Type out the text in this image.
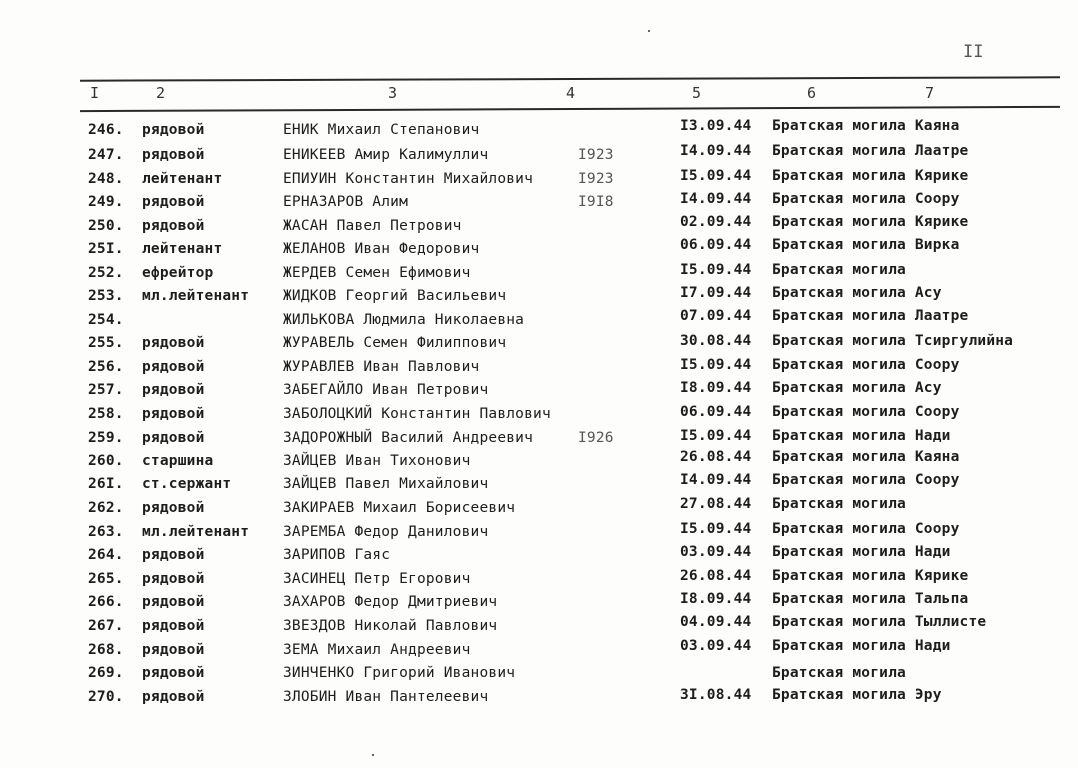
II
I	2	3	4	5	6	7
246. рядовой	ЕНИК Михаил Степанович	I3.09.44 Братская могила Каяна
247. рядовой	ЕНИКЕЕВ Амир Калимуллич	I923	I4.09.44 Братская могила Лаатре
248. лейтенант	ЕПИУИН Константин Михайлович	I923	I5.09.44 Братская могила Кярике
249. рядовой	ЕРНАЗАРОВ Алим	I9I8	I4.09.44 Братская могила Соору
250. рядовой	ЖАСАН Павел Петрович	02.09.44 Братская могила Кярике
25I. лейтенант	ЖЕЛАНОВ Иван Федорович	06.09.44 Братская могила Вирка
252. ефрейтор	ЖЕРДЕВ Семен Ефимович	I5.09.44 Братская могила
253. мл.лейтенант ЖИДКОВ Георгий Васильевич	I7.09.44 Братская могила Асу
254.	ЖИЛЬКОВА Людмила Николаевна	07.09.44 Братская могила Лаатре
255. рядовой	ЖУРАВЕЛЬ Семен Филиппович	30.08.44 Братская могила Тсиргулийна
256. рядовой	ЖУРАВЛЕВ Иван Павлович	I5.09.44 Братская могила Соору
257. рядовой	ЗАБЕГАЙЛО Иван Петрович	I8.09.44 Братская могила Асу
258. рядовой	ЗАБОЛОЦКИЙ Константин Павлович	06.09.44 Братская могила Соору
259. рядовой	ЗАДОРОЖНЫЙ Василий Андреевич	I926	I5.09.44 Братская могила Нади
260. старшина	ЗАЙЦЕВ Иван Тихонович	26.08.44 Братская могила Каяна
26I. ст.сержант	ЗАЙЦЕВ Павел Михайлович	I4.09.44 Братская могила Соору
262. рядовой	ЗАКИРАЕВ Михаил Борисеевич	27.08.44 Братская могила
263. мл.лейтенант ЗАРЕМБА Федор Данилович	I5.09.44 Братская могила Соору
264. рядовой	ЗАРИПОВ Гаяс	03.09.44 Братская могила Нади
265. рядовой	ЗАСИНЕЦ Петр Егорович	26.08.44 Братская могила Кярике
266. рядовой	ЗАХАРОВ Федор Дмитриевич	I8.09.44 Братская могила Тальпа
267. рядовой	ЗВЕЗДОВ Николай Павлович	04.09.44 Братская могила Тыллисте
268. рядовой	ЗЕМА Михаил Андреевич	03.09.44 Братская могила Нади
269. рядовой	ЗИНЧЕНКО Григорий Иванович	Братская могила
270. рядовой	ЗЛОБИН Иван Пантелеевич	3I.08.44 Братская могила Эру
